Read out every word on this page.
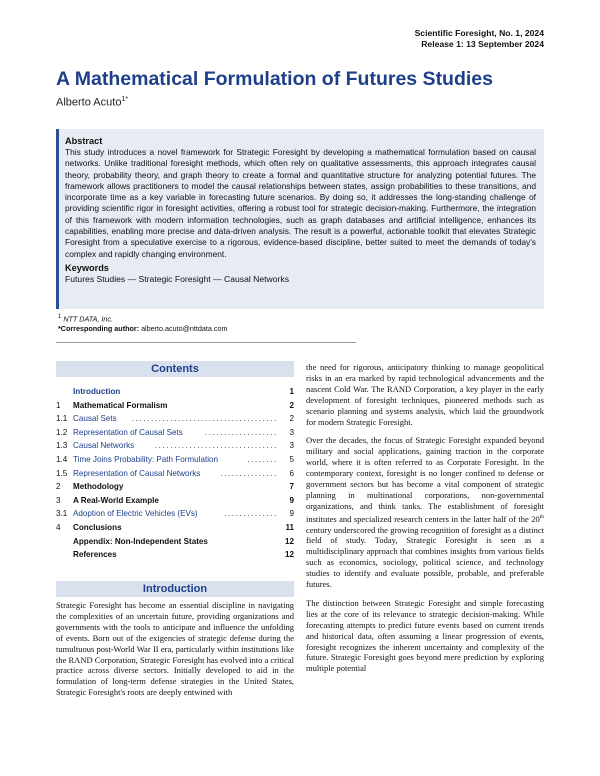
Scientific Foresight, No. 1, 2024
Release 1: 13 September 2024
A Mathematical Formulation of Futures Studies
Alberto Acuto$^{1*}$

Abstract

This study introduces a novel framework for Strategic Foresight by developing a mathematical formulation based on causal networks. Unlike traditional foresight methods, which often rely on qualitative assessments, this approach integrates causal theory, probability theory, and graph theory to create a formal and quantitative structure for analyzing potential futures. The framework allows practitioners to model the causal relationships between states, assign probabilities to these transitions, and incorporate time as a key variable in forecasting future scenarios. By doing so, it addresses the long-standing challenge of providing scientific rigor in foresight activities, offering a robust tool for strategic decision-making. Furthermore, the integration of this framework with modern information technologies, such as graph databases and artificial intelligence, enhances its capabilities, enabling more precise and data-driven analysis. The result is a powerful, actionable toolkit that elevates Strategic Foresight from a speculative exercise to a rigorous, evidence-based discipline, better suited to meet the demands of today's complex and rapidly changing environment.

Keywords

Futures Studies — Strategic Foresight — Causal Networks

$^1$ NTT DATA, Inc.
*Corresponding author: alberto.acuto@nttdata.com
Contents
Introduction	1
1 Mathematical Formalism	2
1.1 Causal Sets ...................................... 2
1.2 Representation of Causal Sets	................... 3
1.3 Causal Networks	................................ 3
1.4 Time Joins Probability: Path Formulation	........ 5
1.5 Representation of Causal Networks ............... 6
2 Methodology	7
3 A Real-World Example	9
3.1 Adoption of Electric Vehicles (EVs)	.............. 9
4 Conclusions	11
Appendix: Non-Independent States	12
References	12
Introduction

Strategic Foresight has become an essential discipline in navigating the complexities of an uncertain future, providing organizations and governments with the tools to anticipate and influence the unfolding of events. Born out of the exigencies of strategic defense during the tumultuous post-World War II era, particularly within institutions like the RAND Corporation, Strategic Foresight has evolved into a critical practice across diverse sectors. Initially developed to aid in the formulation of long-term defense strategies in the United States, Strategic Foresight's roots are deeply entwined with

the need for rigorous, anticipatory thinking to manage geopolitical risks in an era marked by rapid technological advancements and the nascent Cold War. The RAND Corporation, a key player in the early development of foresight techniques, pioneered methods such as scenario planning and systems analysis, which laid the groundwork for modern Strategic Foresight.

Over the decades, the focus of Strategic Foresight expanded beyond military and social applications, gaining traction in the corporate world, where it is often referred to as Corporate Foresight. In the contemporary context, foresight is no longer confined to defense or government sectors but has become a vital component of strategic planning in multinational corporations, non-governmental organizations, and think tanks. The establishment of foresight institutes and specialized research centers in the latter half of the 20th century underscored the growing recognition of foresight as a distinct field of study. Today, Strategic Foresight is seen as a multidisciplinary approach that combines insights from various fields such as economics, sociology, political science, and technology studies to identify and evaluate possible, probable, and preferable futures.

The distinction between Strategic Foresight and simple forecasting lies at the core of its relevance to strategic decision-making. While forecasting attempts to predict future events based on current trends and historical data, often assuming a linear progression of events, foresight recognizes the inherent uncertainty and complexity of the future. Strategic Foresight goes beyond mere prediction by exploring multiple potential
